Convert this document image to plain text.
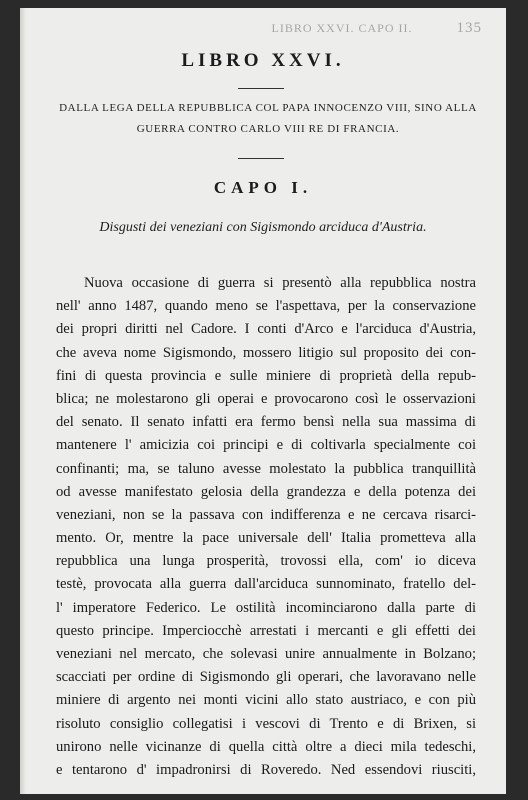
LIBRO XXVI. CAPO II.	135
LIBRO XXVI.
DALLA LEGA DELLA REPUBBLICA COL PAPA INNOCENZO VIII, SINO ALLA
GUERRA CONTRO CARLO VIII RE DI FRANCIA.
CAPO I.
Disgusti dei veneziani con Sigismondo arciduca d'Austria.
Nuova occasione di guerra si presentò alla repubblica nostra
nell' anno 1487, quando meno se l'aspettava, per la conservazione
dei propri diritti nel Cadore. I conti d'Arco e l'arciduca d'Austria,
che aveva nome Sigismondo, mossero litigio sul proposito dei con-
fini di questa provincia e sulle miniere di proprietà della repub-
blica; ne molestarono gli operai e provocarono così le osservazioni
del senato. Il senato infatti era fermo bensì nella sua massima di
mantenere l' amicizia coi principi e di coltivarla specialmente coi
confinanti; ma, se taluno avesse molestato la pubblica tranquillità
od avesse manifestato gelosia della grandezza e della potenza dei
veneziani, non se la passava con indifferenza e ne cercava risarci-
mento. Or, mentre la pace universale dell' Italia prometteva alla
repubblica una lunga prosperità, trovossi ella, com' io diceva
testè, provocata alla guerra dall'arciduca sunnominato, fratello del-
l' imperatore Federico. Le ostilità incominciarono dalla parte di
questo principe. Imperciocchè arrestati i mercanti e gli effetti dei
veneziani nel mercato, che solevasi unire annualmente in Bolzano;
scacciati per ordine di Sigismondo gli operari, che lavoravano nelle
miniere di argento nei monti vicini allo stato austriaco, e con più
risoluto consiglio collegatisi i vescovi di Trento e di Brixen, si
unirono nelle vicinanze di quella città oltre a dieci mila tedeschi,
e tentarono d' impadronirsi di Roveredo. Ned essendovi riusciti,
